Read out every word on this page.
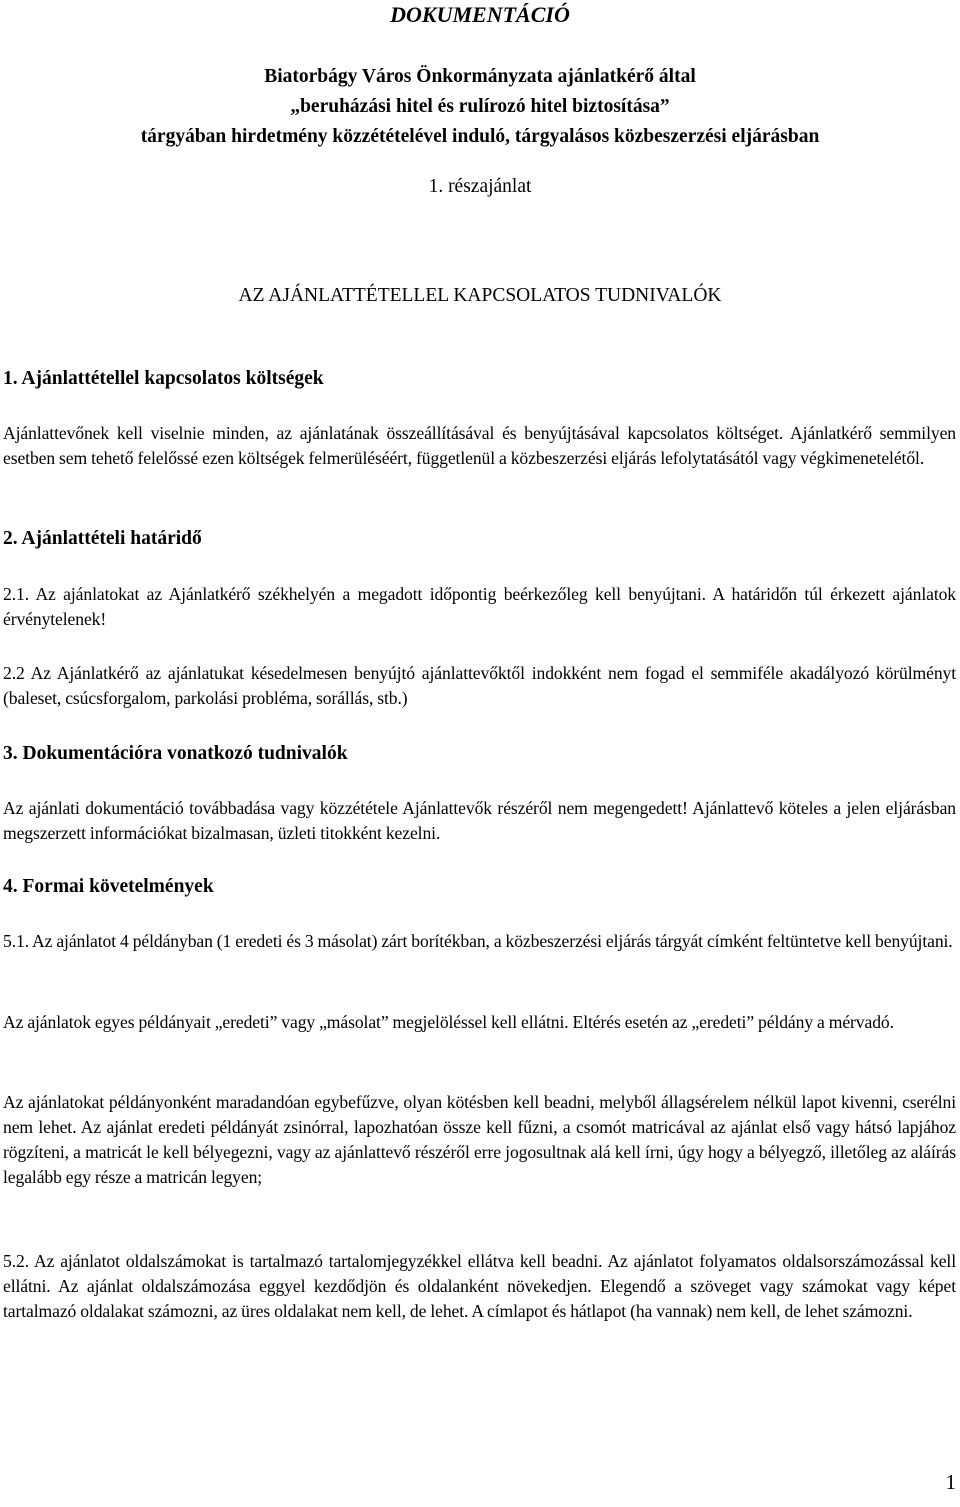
DOKUMENTÁCIÓ
Biatorbágy Város Önkormányzata ajánlatkérő által
„beruházási hitel és rulírozó hitel biztosítása”
tárgyában hirdetmény közzétételével induló, tárgyalásos közbeszerzési eljárásban

1. részajánlat

AZ AJÁNLATTÉTELLEL KAPCSOLATOS TUDNIVALÓK

1. Ajánlattétellel kapcsolatos költségek

Ajánlattevőnek kell viselnie minden, az ajánlatának összeállításával és benyújtásával kapcsolatos költséget. Ajánlatkérő semmilyen esetben sem tehető felelőssé ezen költségek felmerüléséért, függetlenül a közbeszerzési eljárás lefolytatásától vagy végkimenetelétől.

2. Ajánlattételi határidő

2.1. Az ajánlatokat az Ajánlatkérő székhelyén a megadott időpontig beérkezőleg kell benyújtani. A határidőn túl érkezett ajánlatok érvénytelenek!

2.2 Az Ajánlatkérő az ajánlatukat késedelmesen benyújtó ajánlattevőktől indokként nem fogad el semmiféle akadályozó körülményt (baleset, csúcsforgalom, parkolási probléma, sorállás, stb.)

3. Dokumentációra vonatkozó tudnivalók

Az ajánlati dokumentáció továbbadása vagy közzététele Ajánlattevők részéről nem megengedett! Ajánlattevő köteles a jelen eljárásban megszerzett információkat bizalmasan, üzleti titokként kezelni.

4. Formai követelmények

5.1. Az ajánlatot 4 példányban (1 eredeti és 3 másolat) zárt borítékban, a közbeszerzési eljárás tárgyát címként feltüntetve kell benyújtani.

Az ajánlatok egyes példányait „eredeti” vagy „másolat” megjelöléssel kell ellátni. Eltérés esetén az „eredeti” példány a mérvadó.

Az ajánlatokat példányonként maradandóan egybefűzve, olyan kötésben kell beadni, melyből állagsérelem nélkül lapot kivenni, cserélni nem lehet. Az ajánlat eredeti példányát zsinórral, lapozhatóan össze kell fűzni, a csomót matricával az ajánlat első vagy hátsó lapjához rögzíteni, a matricát le kell bélyegezni, vagy az ajánlattevő részéről erre jogosultnak alá kell írni, úgy hogy a bélyegző, illetőleg az aláírás legalább egy része a matricán legyen;

5.2. Az ajánlatot oldalszámokat is tartalmazó tartalomjegyzékkel ellátva kell beadni. Az ajánlatot folyamatos oldalsorszámozással kell ellátni. Az ajánlat oldalszámozása eggyel kezdődjön és oldalanként növekedjen. Elegendő a szöveget vagy számokat vagy képet tartalmazó oldalakat számozni, az üres oldalakat nem kell, de lehet. A címlapot és hátlapot (ha vannak) nem kell, de lehet számozni.

1
